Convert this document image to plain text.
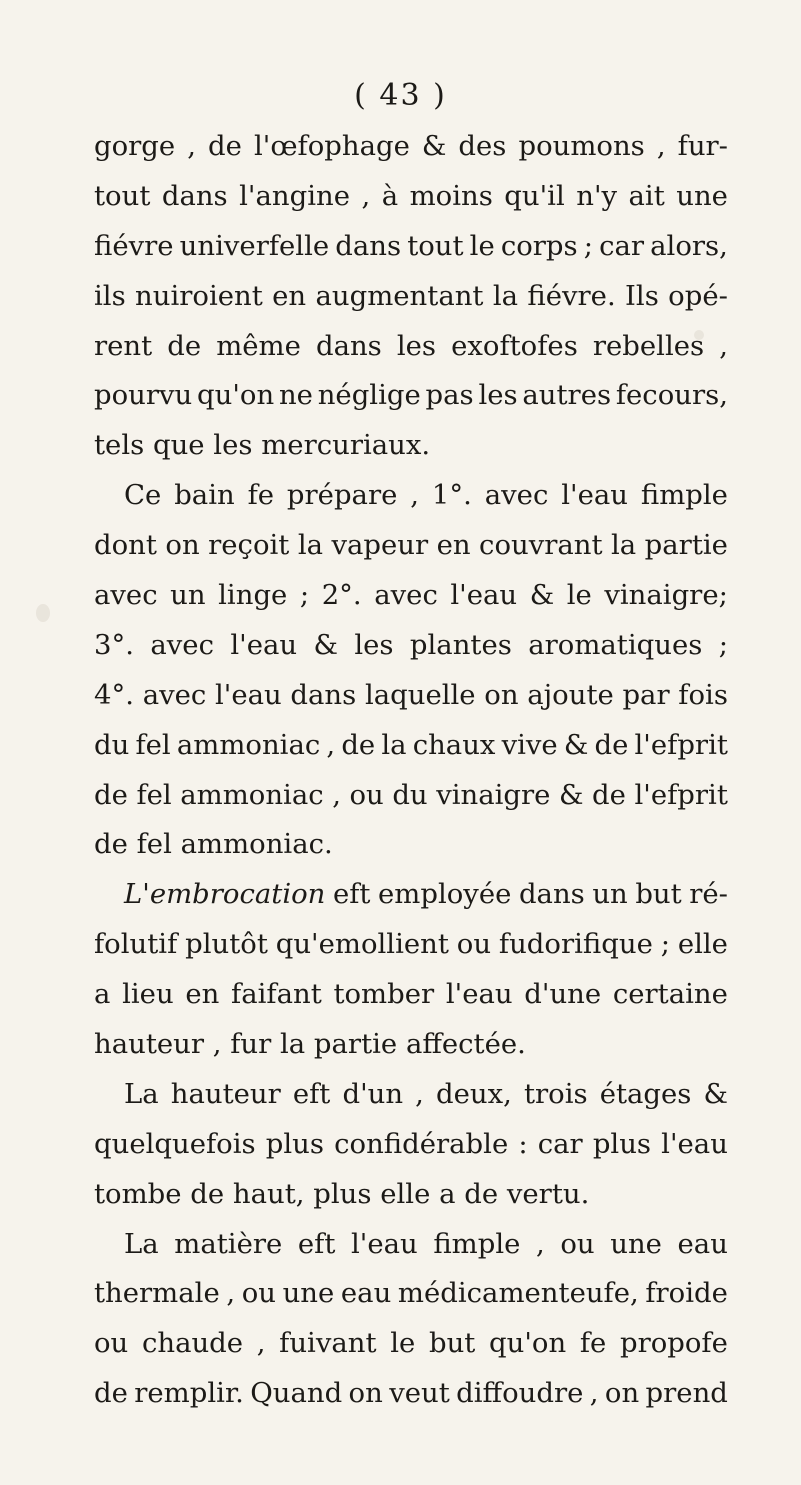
( 43 )
gorge , de l'œfophage & des poumons , fur-
tout dans l'angine , à moins qu'il n'y ait une
fiévre univerfelle dans tout le corps ; car alors,
ils nuiroient en augmentant la fiévre. Ils opé-
rent de même dans les exoftofes rebelles ,
pourvu qu'on ne néglige pas les autres fecours,
tels que les mercuriaux.
Ce bain fe prépare , 1°. avec l'eau fimple
dont on reçoit la vapeur en couvrant la partie
avec un linge ; 2°. avec l'eau & le vinaigre;
3°. avec l'eau & les plantes aromatiques ;
4°. avec l'eau dans laquelle on ajoute par fois
du fel ammoniac , de la chaux vive & de l'efprit
de fel ammoniac , ou du vinaigre & de l'efprit
de fel ammoniac.
L'embrocation eft employée dans un but ré-
folutif plutôt qu'emollient ou fudorifique ; elle
a lieu en faifant tomber l'eau d'une certaine
hauteur , fur la partie affectée.
La hauteur eft d'un , deux, trois étages &
quelquefois plus confidérable : car plus l'eau
tombe de haut, plus elle a de vertu.
La matière eft l'eau fimple , ou une eau
thermale , ou une eau médicamenteufe, froide
ou chaude , fuivant le but qu'on fe propofe
de remplir. Quand on veut diffoudre , on prend
